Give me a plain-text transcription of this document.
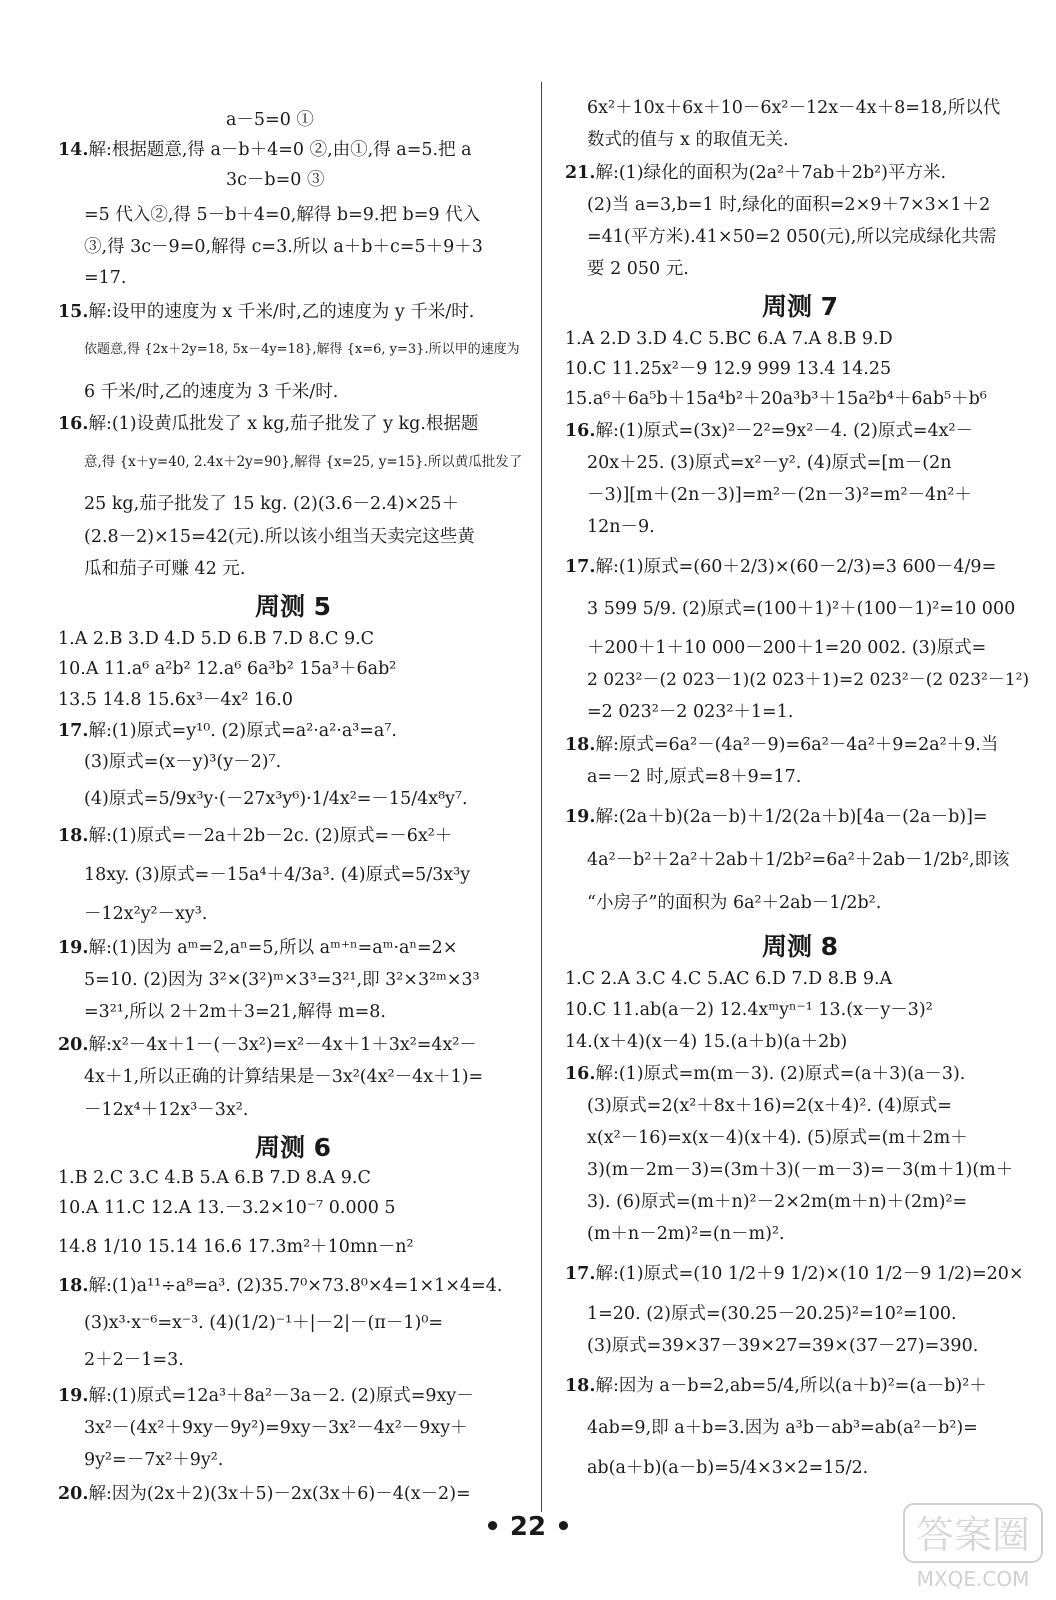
a－5=0 ①
14.解:根据题意,得 a－b＋4=0 ②,由①,得 a=5.把 a
3c－b=0 ③
=5 代入②,得 5－b＋4=0,解得 b=9.把 b=9 代入
③,得 3c－9=0,解得 c=3.所以 a＋b＋c=5＋9＋3
=17.
15.解:设甲的速度为 x 千米/时,乙的速度为 y 千米/时.
依题意,得 {2x＋2y=18, 5x－4y=18},解得 {x=6, y=3}.所以甲的速度为
6 千米/时,乙的速度为 3 千米/时.
16.解:(1)设黄瓜批发了 x kg,茄子批发了 y kg.根据题
意,得 {x＋y=40, 2.4x＋2y=90},解得 {x=25, y=15}.所以黄瓜批发了
25 kg,茄子批发了 15 kg. (2)(3.6－2.4)×25＋
(2.8－2)×15=42(元).所以该小组当天卖完这些黄
瓜和茄子可赚 42 元.
周测 5
1.A 2.B 3.D 4.D 5.D 6.B 7.D 8.C 9.C
10.A 11.a⁶ a²b² 12.a⁶ 6a³b² 15a³＋6ab²
13.5 14.8 15.6x³－4x² 16.0
17.解:(1)原式=y¹⁰. (2)原式=a²·a²·a³=a⁷.
(3)原式=(x－y)³(y－2)⁷.
(4)原式=5/9x³y·(－27x³y⁶)·1/4x²=－15/4x⁸y⁷.
18.解:(1)原式=－2a＋2b－2c. (2)原式=－6x²＋
18xy. (3)原式=－15a⁴＋4/3a³. (4)原式=5/3x³y
－12x²y²－xy³.
19.解:(1)因为 aᵐ=2,aⁿ=5,所以 aᵐ⁺ⁿ=aᵐ·aⁿ=2×
5=10. (2)因为 3²×(3²)ᵐ×3³=3²¹,即 3²×3²ᵐ×3³
=3²¹,所以 2＋2m＋3=21,解得 m=8.
20.解:x²－4x＋1－(－3x²)=x²－4x＋1＋3x²=4x²－
4x＋1,所以正确的计算结果是－3x²(4x²－4x＋1)=
－12x⁴＋12x³－3x².
周测 6
1.B 2.C 3.C 4.B 5.A 6.B 7.D 8.A 9.C
10.A 11.C 12.A 13.－3.2×10⁻⁷ 0.000 5
14.8 1/10 15.14 16.6 17.3m²＋10mn－n²
18.解:(1)a¹¹÷a⁸=a³. (2)35.7⁰×73.8⁰×4=1×1×4=4.
(3)x³·x⁻⁶=x⁻³. (4)(1/2)⁻¹＋|－2|－(π－1)⁰=
2＋2－1=3.
19.解:(1)原式=12a³＋8a²－3a－2. (2)原式=9xy－
3x²－(4x²＋9xy－9y²)=9xy－3x²－4x²－9xy＋
9y²=－7x²＋9y².
20.解:因为(2x＋2)(3x＋5)－2x(3x＋6)－4(x－2)=
6x²＋10x＋6x＋10－6x²－12x－4x＋8=18,所以代
数式的值与 x 的取值无关.
21.解:(1)绿化的面积为(2a²＋7ab＋2b²)平方米.
(2)当 a=3,b=1 时,绿化的面积=2×9＋7×3×1＋2
=41(平方米).41×50=2 050(元),所以完成绿化共需
要 2 050 元.
周测 7
1.A 2.D 3.D 4.C 5.BC 6.A 7.A 8.B 9.D
10.C 11.25x²－9 12.9 999 13.4 14.25
15.a⁶＋6a⁵b＋15a⁴b²＋20a³b³＋15a²b⁴＋6ab⁵＋b⁶
16.解:(1)原式=(3x)²－2²=9x²－4. (2)原式=4x²－
20x＋25. (3)原式=x²－y². (4)原式=[m－(2n
－3)][m＋(2n－3)]=m²－(2n－3)²=m²－4n²＋
12n－9.
17.解:(1)原式=(60＋2/3)×(60－2/3)=3 600－4/9=
3 599 5/9. (2)原式=(100＋1)²＋(100－1)²=10 000
＋200＋1＋10 000－200＋1=20 002. (3)原式=
2 023²－(2 023－1)(2 023＋1)=2 023²－(2 023²－1²)
=2 023²－2 023²＋1=1.
18.解:原式=6a²－(4a²－9)=6a²－4a²＋9=2a²＋9.当
a=－2 时,原式=8＋9=17.
19.解:(2a＋b)(2a－b)＋1/2(2a＋b)[4a－(2a－b)]=
4a²－b²＋2a²＋2ab＋1/2b²=6a²＋2ab－1/2b²,即该
“小房子”的面积为 6a²＋2ab－1/2b².
周测 8
1.C 2.A 3.C 4.C 5.AC 6.D 7.D 8.B 9.A
10.C 11.ab(a－2) 12.4xᵐyⁿ⁻¹ 13.(x－y－3)²
14.(x＋4)(x－4) 15.(a＋b)(a＋2b)
16.解:(1)原式=m(m－3). (2)原式=(a＋3)(a－3).
(3)原式=2(x²＋8x＋16)=2(x＋4)². (4)原式=
x(x²－16)=x(x－4)(x＋4). (5)原式=(m＋2m＋
3)(m－2m－3)=(3m＋3)(－m－3)=－3(m＋1)(m＋
3). (6)原式=(m＋n)²－2×2m(m＋n)＋(2m)²=
(m＋n－2m)²=(n－m)².
17.解:(1)原式=(10 1/2＋9 1/2)×(10 1/2－9 1/2)=20×
1=20. (2)原式=(30.25－20.25)²=10²=100.
(3)原式=39×37－39×27=39×(37－27)=390.
18.解:因为 a－b=2,ab=5/4,所以(a＋b)²=(a－b)²＋
4ab=9,即 a＋b=3.因为 a³b－ab³=ab(a²－b²)=
ab(a＋b)(a－b)=5/4×3×2=15/2.
• 22 •	答案圈
MXQE.COM
